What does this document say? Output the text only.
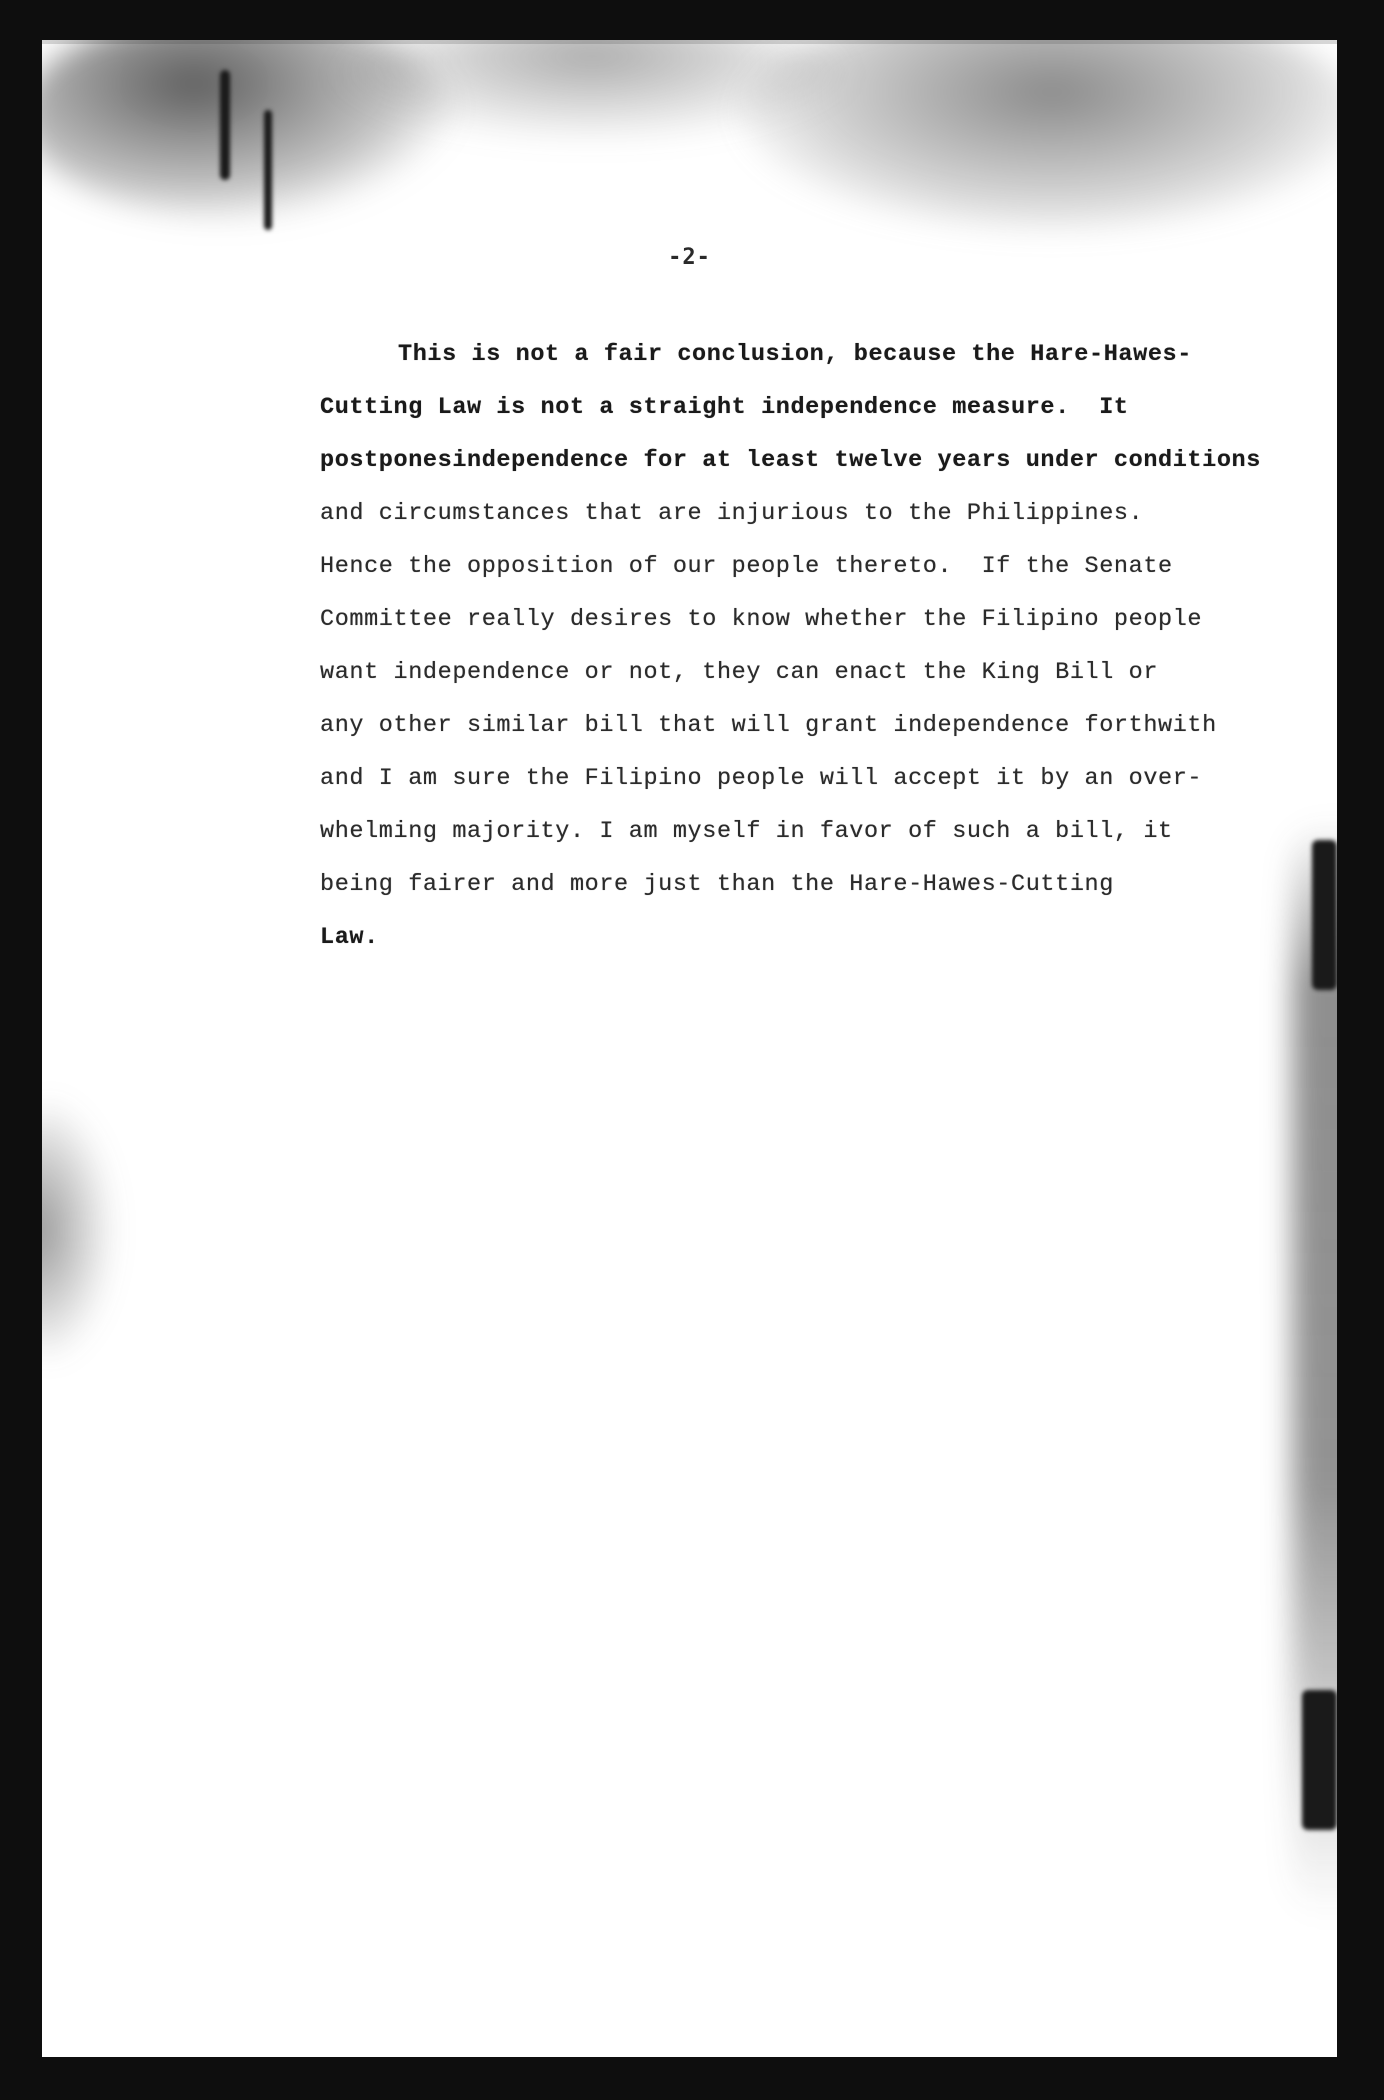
-2-
This is not a fair conclusion, because the Hare-Hawes-
Cutting Law is not a straight independence measure.  It
postponesindependence for at least twelve years under conditions
and circumstances that are injurious to the Philippines.
Hence the opposition of our people thereto.  If the Senate
Committee really desires to know whether the Filipino people
want independence or not, they can enact the King Bill or
any other similar bill that will grant independence forthwith
and I am sure the Filipino people will accept it by an over-
whelming majority. I am myself in favor of such a bill, it
being fairer and more just than the Hare-Hawes-Cutting
Law.
